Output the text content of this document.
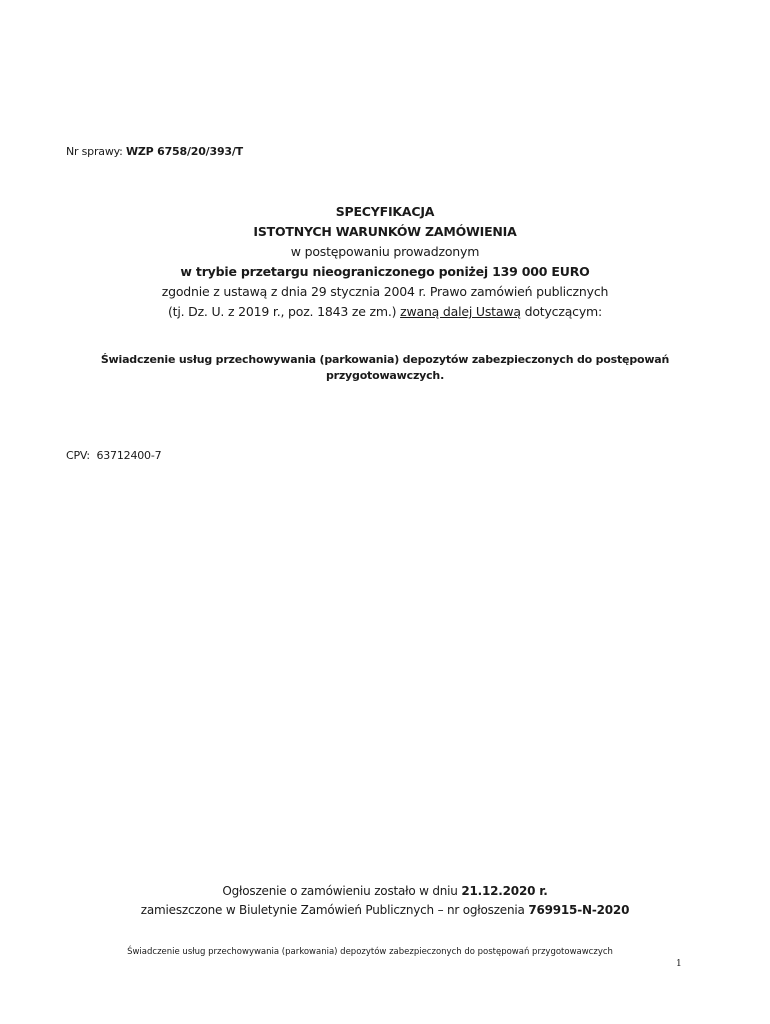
Nr sprawy: WZP 6758/20/393/T
SPECYFIKACJA
ISTOTNYCH WARUNKÓW ZAMÓWIENIA
w postępowaniu prowadzonym
w trybie przetargu nieograniczonego poniżej 139 000 EURO
zgodnie z ustawą z dnia 29 stycznia 2004 r. Prawo zamówień publicznych
(tj. Dz. U. z 2019 r., poz. 1843 ze zm.) zwaną dalej Ustawą dotyczącym:
Świadczenie usług przechowywania (parkowania) depozytów zabezpieczonych do postępowań
przygotowawczych.
CPV: 63712400-7
Ogłoszenie o zamówieniu zostało w dniu 21.12.2020 r.
zamieszczone w Biuletynie Zamówień Publicznych – nr ogłoszenia 769915-N-2020
Świadczenie usług przechowywania (parkowania) depozytów zabezpieczonych do postępowań przygotowawczych
1
